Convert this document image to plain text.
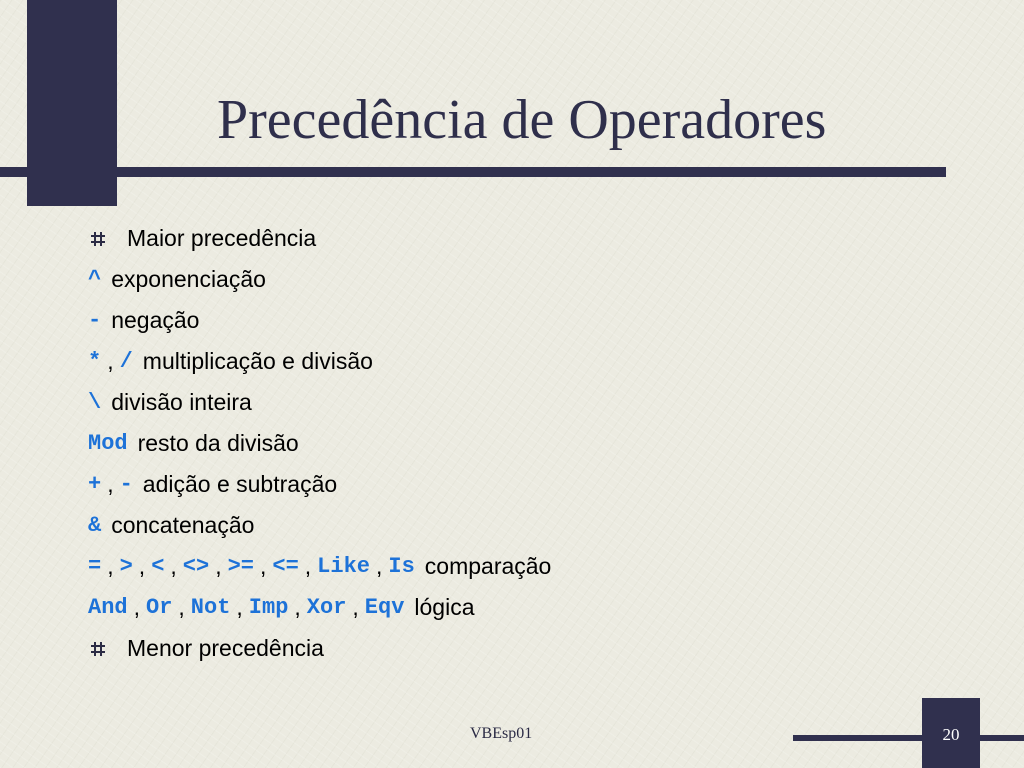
Precedência de Operadores
Maior precedência
^ exponenciação
- negação
* , / multiplicação e divisão
\ divisão inteira
Mod resto da divisão
+ , - adição e subtração
& concatenação
= , > , < , <> , >= , <= , Like , Is comparação
And , Or , Not , Imp , Xor , Eqv lógica
Menor precedência
VBEsp01	20
